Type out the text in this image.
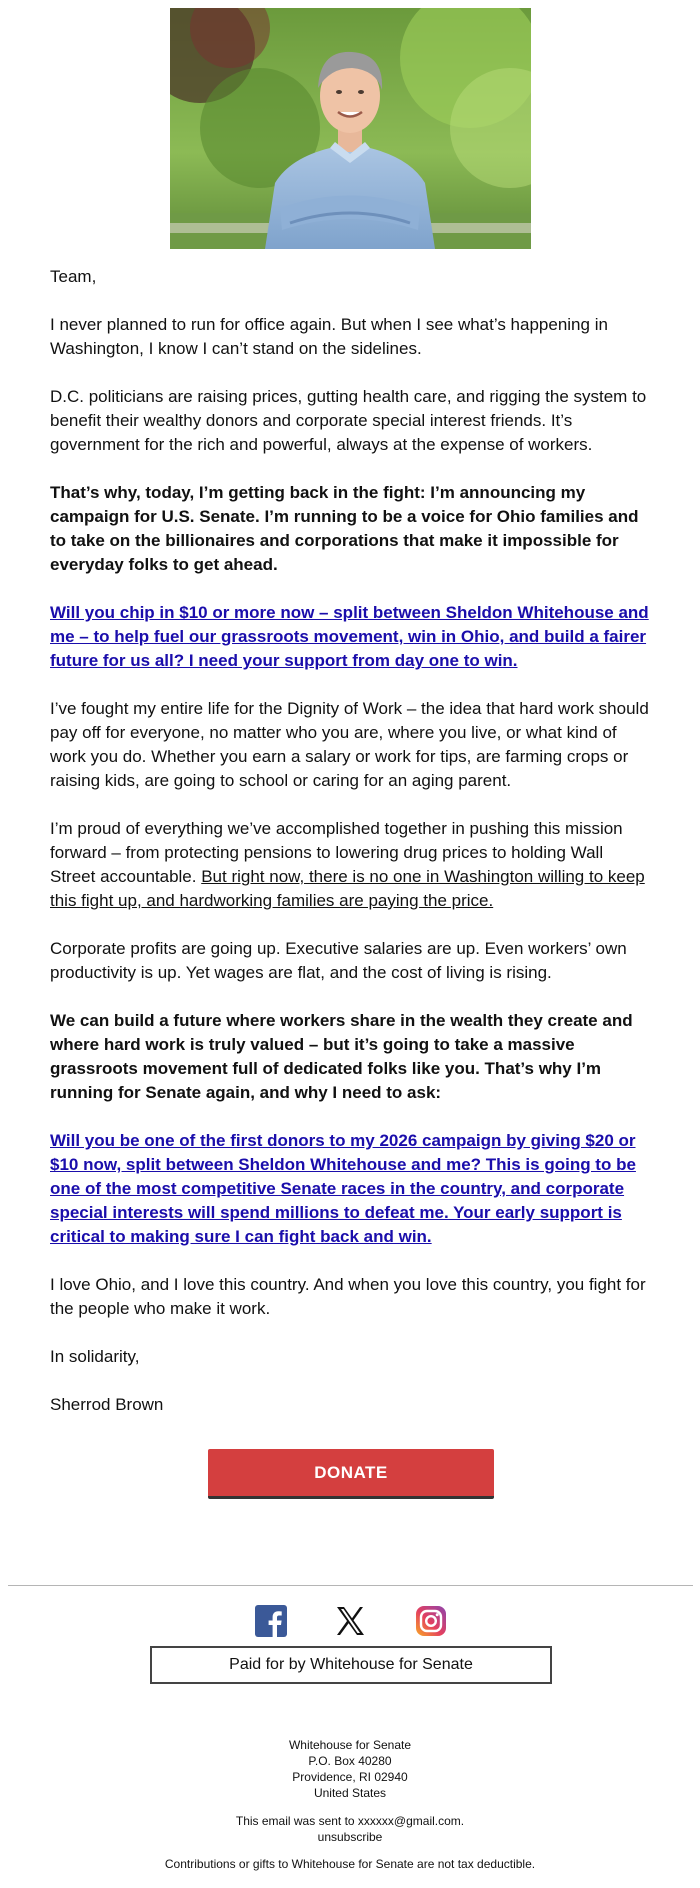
Team,

I never planned to run for office again. But when I see what’s happening in Washington, I know I can’t stand on the sidelines.

D.C. politicians are raising prices, gutting health care, and rigging the system to benefit their wealthy donors and corporate special interest friends. It’s government for the rich and powerful, always at the expense of workers.

That’s why, today, I’m getting back in the fight: I’m announcing my campaign for U.S. Senate. I’m running to be a voice for Ohio families and to take on the billionaires and corporations that make it impossible for everyday folks to get ahead.

Will you chip in $10 or more now – split between Sheldon Whitehouse and me – to help fuel our grassroots movement, win in Ohio, and build a fairer future for us all? I need your support from day one to win.

I’ve fought my entire life for the Dignity of Work – the idea that hard work should pay off for everyone, no matter who you are, where you live, or what kind of work you do. Whether you earn a salary or work for tips, are farming crops or raising kids, are going to school or caring for an aging parent.

I’m proud of everything we’ve accomplished together in pushing this mission forward – from protecting pensions to lowering drug prices to holding Wall Street accountable. But right now, there is no one in Washington willing to keep this fight up, and hardworking families are paying the price.

Corporate profits are going up. Executive salaries are up. Even workers’ own productivity is up. Yet wages are flat, and the cost of living is rising.

We can build a future where workers share in the wealth they create and where hard work is truly valued – but it’s going to take a massive grassroots movement full of dedicated folks like you. That’s why I’m running for Senate again, and why I need to ask:

Will you be one of the first donors to my 2026 campaign by giving $20 or $10 now, split between Sheldon Whitehouse and me? This is going to be one of the most competitive Senate races in the country, and corporate special interests will spend millions to defeat me. Your early support is critical to making sure I can fight back and win.

I love Ohio, and I love this country. And when you love this country, you fight for the people who make it work.

In solidarity,

Sherrod Brown

DONATE
Paid for by Whitehouse for Senate
Whitehouse for Senate
P.O. Box 40280
Providence, RI 02940
United States
This email was sent to xxxxxx@gmail.com.
unsubscribe
Contributions or gifts to Whitehouse for Senate are not tax deductible.
